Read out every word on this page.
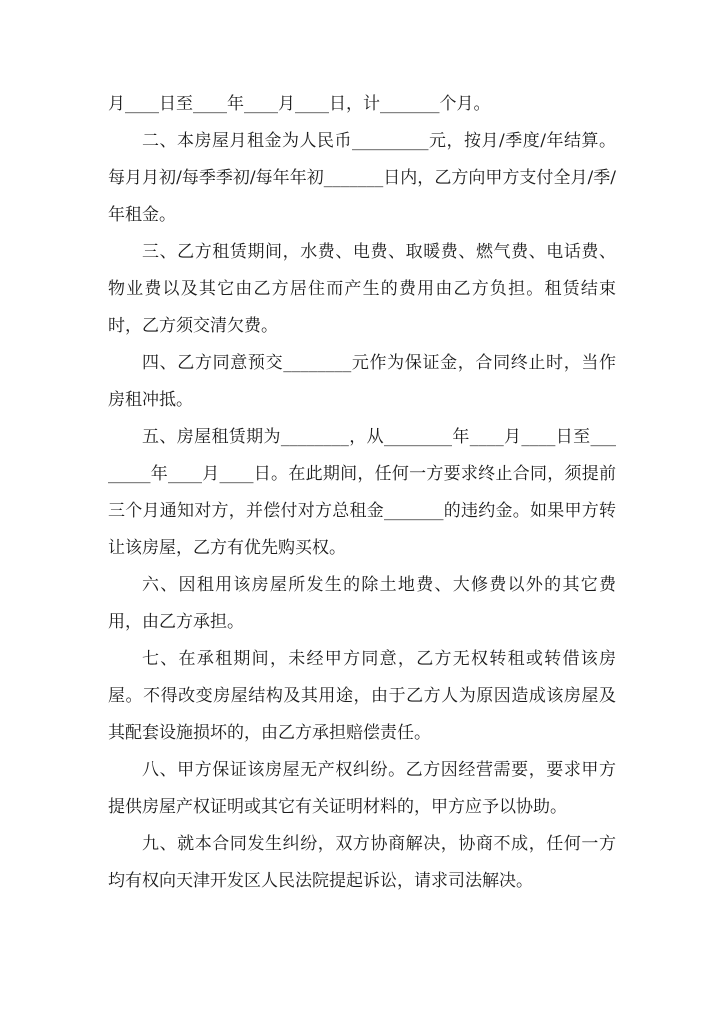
月____日至____年____月____日，计_______个月。

二、本房屋月租金为人民币_________元，按月/季度/年结算。每月月初/每季季初/每年年初_______日内，乙方向甲方支付全月/季/年租金。

三、乙方租赁期间，水费、电费、取暖费、燃气费、电话费、物业费以及其它由乙方居住而产生的费用由乙方负担。租赁结束时，乙方须交清欠费。

四、乙方同意预交________元作为保证金，合同终止时，当作房租冲抵。

五、房屋租赁期为________，从________年____月____日至________年____月____日。在此期间，任何一方要求终止合同，须提前三个月通知对方，并偿付对方总租金_______的违约金。如果甲方转让该房屋，乙方有优先购买权。

六、因租用该房屋所发生的除土地费、大修费以外的其它费用，由乙方承担。

七、在承租期间，未经甲方同意，乙方无权转租或转借该房屋。不得改变房屋结构及其用途，由于乙方人为原因造成该房屋及其配套设施损坏的，由乙方承担赔偿责任。

八、甲方保证该房屋无产权纠纷。乙方因经营需要，要求甲方提供房屋产权证明或其它有关证明材料的，甲方应予以协助。

九、就本合同发生纠纷，双方协商解决，协商不成，任何一方均有权向天津开发区人民法院提起诉讼，请求司法解决。
